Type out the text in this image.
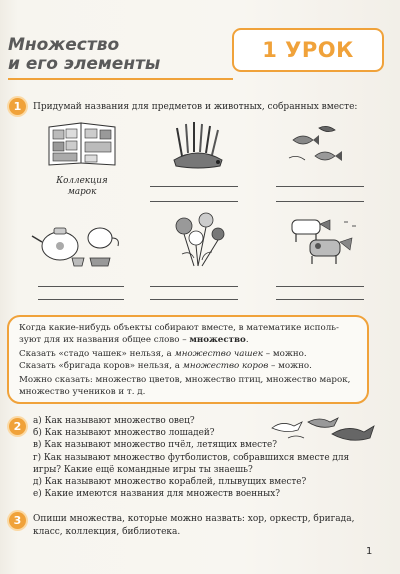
Множество
и его элементы
1 УРОК
1	Придумай названия для предметов и животных, собранных вместе:
Коллекция
марок

Когда какие-нибудь объекты собирают вместе, в математике исполь-

зуют для их названия общее слово – множество.

Сказать «стадо чашек» нельзя, а множество чашек – можно.

Сказать «бригада коров» нельзя, а множество коров – можно.

Можно сказать: множество цветов, множество птиц, множество марок,

множество учеников и т. д.

2	а) Как называют множество овец?
б) Как называют множество лошадей?
в) Как называют множество пчёл, летящих вместе?
г) Как называют множество футболистов, собравшихся вместе для
игры? Какие ещё командные игры ты знаешь?
д) Как называют множество кораблей, плывущих вместе?
е) Какие имеются названия для множеств военных?
3	Опиши множества, которые можно назвать: хор, оркестр, бригада,
класс, коллекция, библиотека.
1
